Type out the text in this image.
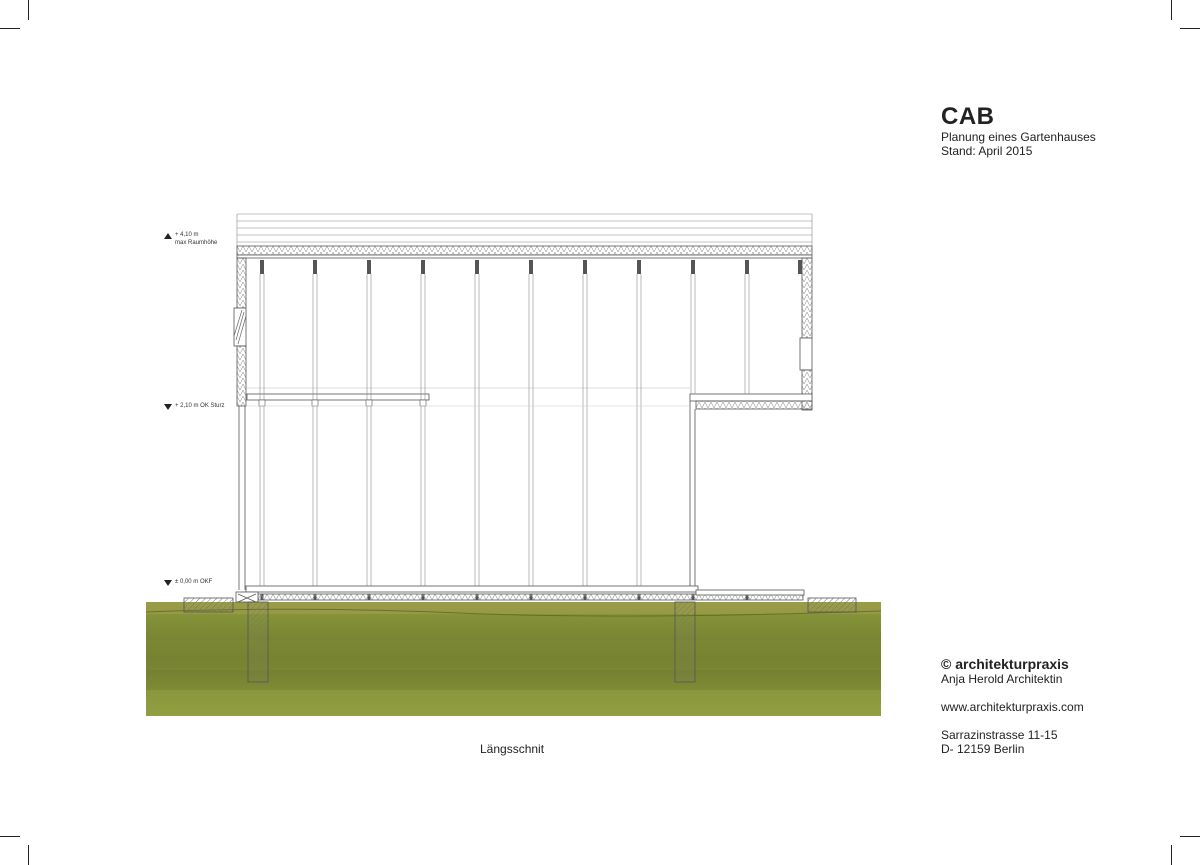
+ 4,10 m
max Raumhöhe
+ 2,10 m OK Sturz
± 0,00 m OKF
CAB
Planung eines Gartenhauses
Stand: April 2015
Längsschnit
© architekturpraxis
Anja Herold Architektin
www.architekturpraxis.com
Sarrazinstrasse 11-15
D- 12159 Berlin
